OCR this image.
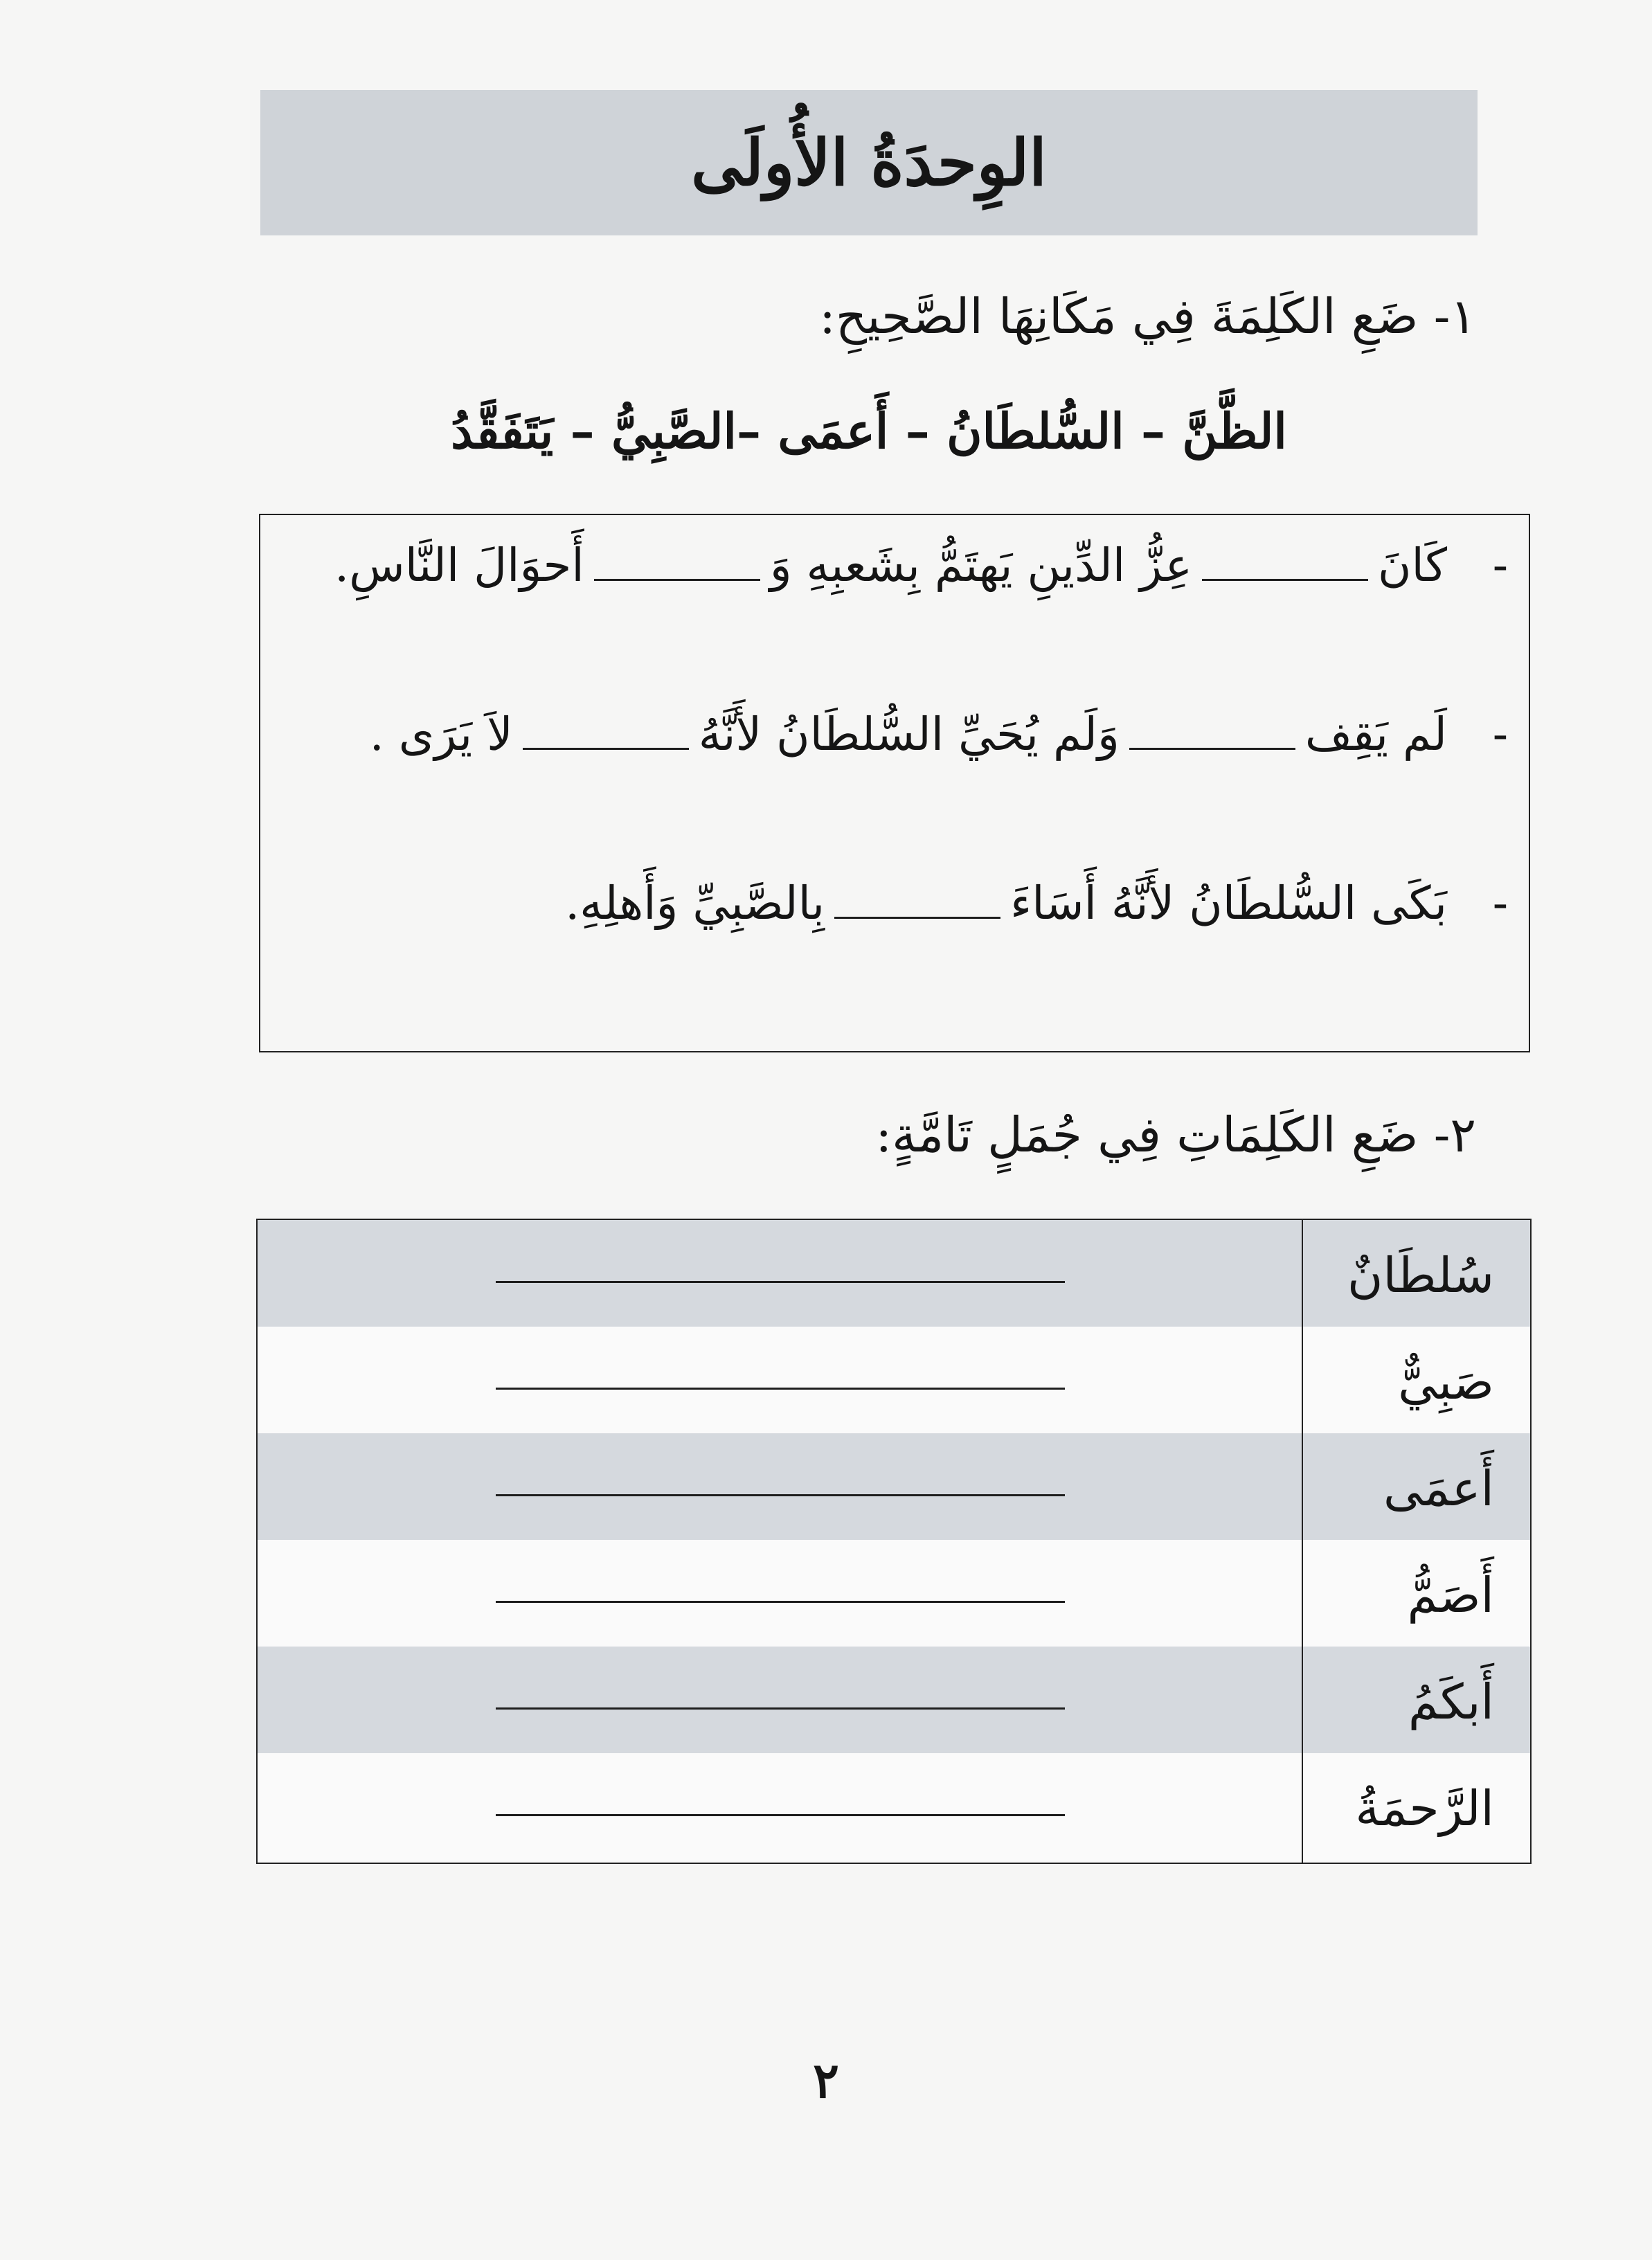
الوِحدَةُ الأُولَى
١- ضَعِ الكَلِمَةَ فِي مَكَانِهَا الصَّحِيحِ:
الظَّنَّ – السُّلطَانُ – أَعمَى –الصَّبِيُّ – يَتَفَقَّدُ
-
كَانَعِزُّ الدِّينِ يَهتَمُّ بِشَعبِهِ وَأَحوَالَ النَّاسِ.
-
لَم يَقِفوَلَم يُحَيِّ السُّلطَانُ لأَنَّهُلاَ يَرَى .
-
بَكَى السُّلطَانُ لأَنَّهُ أَسَاءَبِالصَّبِيِّ وَأَهلِهِ.
٢- ضَعِ الكَلِمَاتِ فِي جُمَلٍ تَامَّةٍ:
سُلطَانٌ
صَبِيٌّ
أَعمَى
أَصَمُّ
أَبكَمُ
الرَّحمَةُ
٢
